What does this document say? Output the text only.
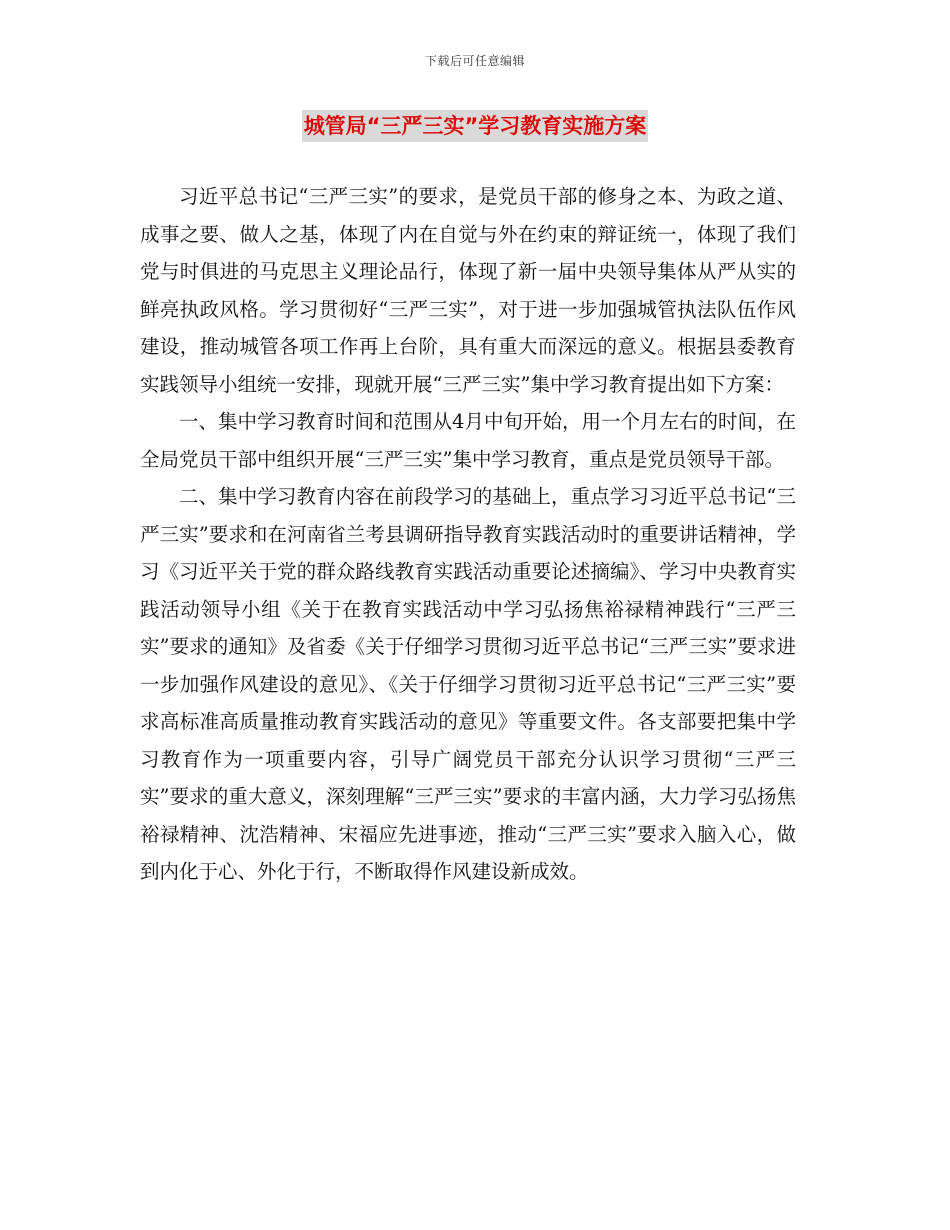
下载后可任意编辑
城管局“三严三实”学习教育实施方案

习近平总书记“三严三实”的要求，是党员干部的修身之本、为政之道、成事之要、做人之基，体现了内在自觉与外在约束的辩证统一，体现了我们党与时俱进的马克思主义理论品行，体现了新一届中央领导集体从严从实的鲜亮执政风格。学习贯彻好“三严三实”，对于进一步加强城管执法队伍作风建设，推动城管各项工作再上台阶，具有重大而深远的意义。根据县委教育实践领导小组统一安排，现就开展“三严三实”集中学习教育提出如下方案：

一、集中学习教育时间和范围从4月中旬开始，用一个月左右的时间，在全局党员干部中组织开展“三严三实”集中学习教育，重点是党员领导干部。

二、集中学习教育内容在前段学习的基础上，重点学习习近平总书记“三严三实”要求和在河南省兰考县调研指导教育实践活动时的重要讲话精神，学习《习近平关于党的群众路线教育实践活动重要论述摘编》、学习中央教育实践活动领导小组《关于在教育实践活动中学习弘扬焦裕禄精神践行“三严三实”要求的通知》及省委《关于仔细学习贯彻习近平总书记“三严三实”要求进一步加强作风建设的意见》、《关于仔细学习贯彻习近平总书记“三严三实”要求高标准高质量推动教育实践活动的意见》等重要文件。各支部要把集中学习教育作为一项重要内容，引导广阔党员干部充分认识学习贯彻“三严三实”要求的重大意义，深刻理解“三严三实”要求的丰富内涵，大力学习弘扬焦裕禄精神、沈浩精神、宋福应先进事迹，推动“三严三实”要求入脑入心，做到内化于心、外化于行，不断取得作风建设新成效。
